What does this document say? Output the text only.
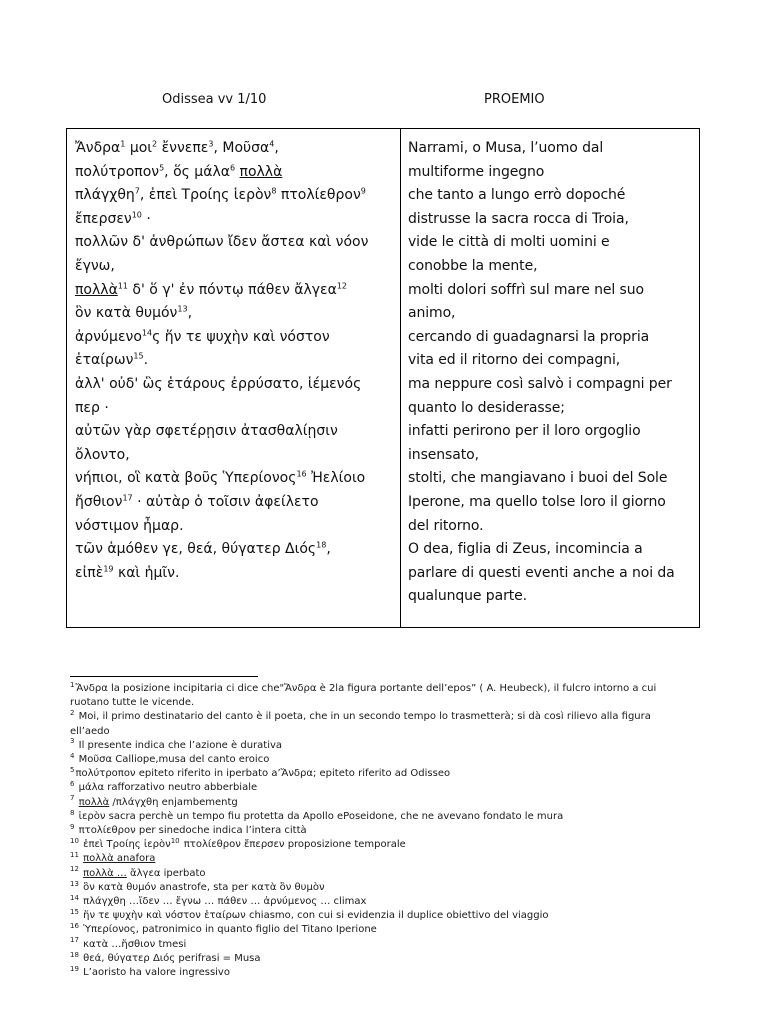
Odissea vv 1/10	PROEMIO
Ἄνδρα$^1$ μοι$^2$ ἔννεπε$^3$, Μοῦσα$^4$,
πολύτροπον$^5$, ὅς μάλα$^6$ πολλὰ
πλάγχθη$^7$, ἐπεὶ Τροίης ἱερὸν$^8$ πτολίεθρον$^9$
ἔπερσεν$^{10}$ ·
πολλῶν δ' ἀνθρώπων ἴδεν ἄστεα καὶ νόον
ἔγνω,
πολλὰ$^{11}$ δ' ὅ γ' ἐν πόντῳ πάθεν ἄλγεα$^{12}$
ὃν κατὰ θυμόν$^{13}$,
ἀρνύμενο$^{14}$ς ἥν τε ψυχὴν καὶ νόστον
ἑταίρων$^{15}$.
ἀλλ' οὐδ' ὣς ἑτάρους ἐρρύσατο, ἱέμενός
περ ·
αὐτῶν γὰρ σφετέρῃσιν ἀτασθαλίῃσιν
ὄλοντο,
νήπιοι, οἳ κατὰ βοῦς Ὑπερίονος$^{16}$ Ἠελίοιο
ἤσθιον$^{17}$ · αὐτὰρ ὁ τοῖσιν ἀφείλετο
νόστιμον ἦμαρ.
τῶν ἁμόθεν γε, θεά, θύγατερ Διός$^{18}$,
εἰπὲ$^{19}$ καὶ ἡμῖν.
Narrami, o Musa, l’uomo dal
multiforme ingegno
che tanto a lungo errò dopoché
distrusse la sacra rocca di Troia,
vide le città di molti uomini e
conobbe la mente,
molti dolori soffrì sul mare nel suo
animo,
cercando di guadagnarsi la propria
vita ed il ritorno dei compagni,
ma neppure così salvò i compagni per
quanto lo desiderasse;
infatti perirono per il loro orgoglio
insensato,
stolti, che mangiavano i buoi del Sole
Iperone, ma quello tolse loro il giorno
del ritorno.
O dea, figlia di Zeus, incomincia a
parlare di questi eventi anche a noi da
qualunque parte.
$^1$Ἄνδρα la posizione incipitaria ci dice che"Ἄνδρα è 2la figura portante dell’epos” ( A. Heubeck), il fulcro intorno a cui
ruotano tutte le vicende.
$^2$ Moi, il primo destinatario del canto è il poeta, che in un secondo tempo lo trasmetterà; si dà così rilievo alla figura
ell’aedo
$^3$ Il presente indica che l’azione è durativa
$^4$ Μοῦσα Calliope,musa del canto eroico
$^5$πολύτροπον epiteto riferito in iperbato a’Ἄνδρα; epiteto riferito ad Odisseo
$^6$ μάλα rafforzativo neutro abberbiale
$^7$ πολλὰ /πλάγχθη enjambementg
$^8$ ἱερὸν sacra perchè un tempo fiu protetta da Apollo ePoseidone, che ne avevano fondato le mura
$^9$ πτολίεθρον per sinedoche indica l’intera città
$^{10}$ ἐπεὶ Τροίης ἱερὸν$^{10}$ πτολίεθρον ἔπερσεν proposizione temporale
$^{11}$ πολλὰ anafora
$^{12}$ πολλὰ … ἄλγεα iperbato
$^{13}$ ὃν κατὰ θυμόν anastrofe, sta per κατὰ ὃν θυμὸν
$^{14}$ πλάγχθη …ἴδεν … ἔγνω … πάθεν … ἀρνύμενος … climax
$^{15}$ ἥν τε ψυχὴν καὶ νόστον ἑταίρων chiasmo, con cui si evidenzia il duplice obiettivo del viaggio
$^{16}$ Ὑπερίονος, patronimico in quanto figlio del Titano Iperione
$^{17}$ κατὰ …ἤσθιον tmesi
$^{18}$ θεά, θύγατερ Διός perifrasi = Musa
$^{19}$ L’aoristo ha valore ingressivo
